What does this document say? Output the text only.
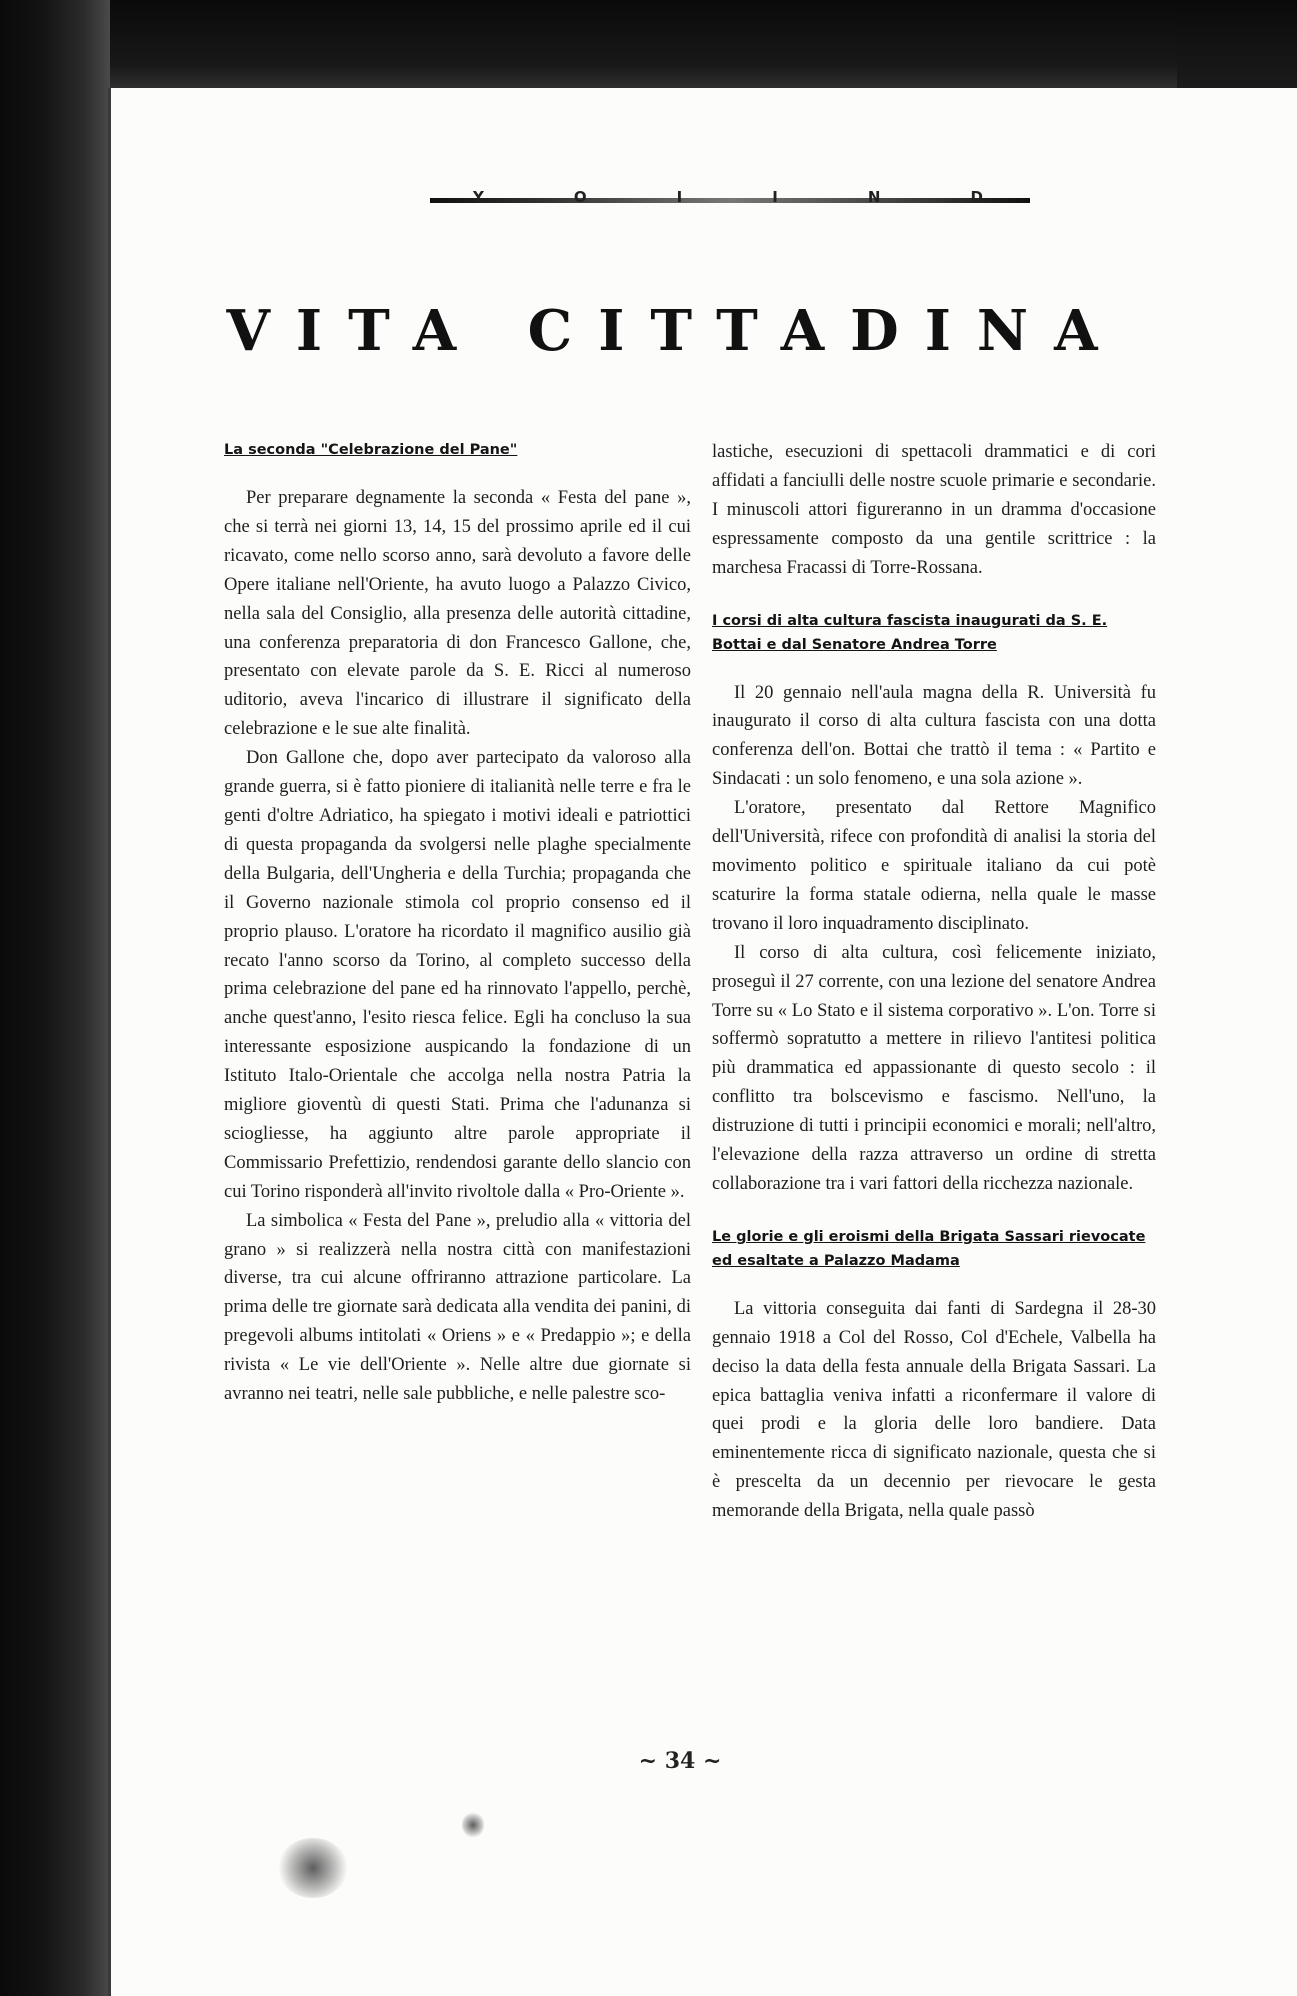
Y	O	I	I	N	D
VITA CITTADINA

La seconda "Celebrazione del Pane"

Per preparare degnamente la seconda « Festa del pane », che si terrà nei giorni 13, 14, 15 del prossimo aprile ed il cui ricavato, come nello scorso anno, sarà devoluto a favore delle Opere italiane nell'Oriente, ha avuto luogo a Palazzo Civico, nella sala del Consiglio, alla presenza delle autorità cittadine, una conferenza preparatoria di don Francesco Gallone, che, presentato con elevate parole da S. E. Ricci al numeroso uditorio, aveva l'incarico di illustrare il significato della celebrazione e le sue alte finalità.

Don Gallone che, dopo aver partecipato da valoroso alla grande guerra, si è fatto pioniere di italianità nelle terre e fra le genti d'oltre Adriatico, ha spiegato i motivi ideali e patriottici di questa propaganda da svolgersi nelle plaghe specialmente della Bulgaria, dell'Ungheria e della Turchia; propaganda che il Governo nazionale stimola col proprio consenso ed il proprio plauso. L'oratore ha ricordato il magnifico ausilio già recato l'anno scorso da Torino, al completo successo della prima celebrazione del pane ed ha rinnovato l'appello, perchè, anche quest'anno, l'esito riesca felice. Egli ha concluso la sua interessante esposizione auspicando la fondazione di un Istituto Italo-Orientale che accolga nella nostra Patria la migliore gioventù di questi Stati. Prima che l'adunanza si sciogliesse, ha aggiunto altre parole appropriate il Commissario Prefettizio, rendendosi garante dello slancio con cui Torino risponderà all'invito rivoltole dalla « Pro-Oriente ».

La simbolica « Festa del Pane », preludio alla « vittoria del grano » si realizzerà nella nostra città con manifestazioni diverse, tra cui alcune offriranno attrazione particolare. La prima delle tre giornate sarà dedicata alla vendita dei panini, di pregevoli albums intitolati « Oriens » e « Predappio »; e della rivista « Le vie dell'Oriente ». Nelle altre due giornate si avranno nei teatri, nelle sale pubbliche, e nelle palestre sco-

lastiche, esecuzioni di spettacoli drammatici e di cori affidati a fanciulli delle nostre scuole primarie e secondarie. I minuscoli attori figureranno in un dramma d'occasione espressamente composto da una gentile scrittrice : la marchesa Fracassi di Torre-Rossana.

I corsi di alta cultura fascista inaugurati da S. E. Bottai e dal Senatore Andrea Torre

Il 20 gennaio nell'aula magna della R. Università fu inaugurato il corso di alta cultura fascista con una dotta conferenza dell'on. Bottai che trattò il tema : « Partito e Sindacati : un solo fenomeno, e una sola azione ».

L'oratore, presentato dal Rettore Magnifico dell'Università, rifece con profondità di analisi la storia del movimento politico e spirituale italiano da cui potè scaturire la forma statale odierna, nella quale le masse trovano il loro inquadramento disciplinato.

Il corso di alta cultura, così felicemente iniziato, proseguì il 27 corrente, con una lezione del senatore Andrea Torre su « Lo Stato e il sistema corporativo ». L'on. Torre si soffermò sopratutto a mettere in rilievo l'antitesi politica più drammatica ed appassionante di questo secolo : il conflitto tra bolscevismo e fascismo. Nell'uno, la distruzione di tutti i principii economici e morali; nell'altro, l'elevazione della razza attraverso un ordine di stretta collaborazione tra i vari fattori della ricchezza nazionale.

Le glorie e gli eroismi della Brigata Sassari rievocate ed esaltate a Palazzo Madama

La vittoria conseguita dai fanti di Sardegna il 28-30 gennaio 1918 a Col del Rosso, Col d'Echele, Valbella ha deciso la data della festa annuale della Brigata Sassari. La epica battaglia veniva infatti a riconfermare il valore di quei prodi e la gloria delle loro bandiere. Data eminentemente ricca di significato nazionale, questa che si è prescelta da un decennio per rievocare le gesta memorande della Brigata, nella quale passò

~ 34 ~
